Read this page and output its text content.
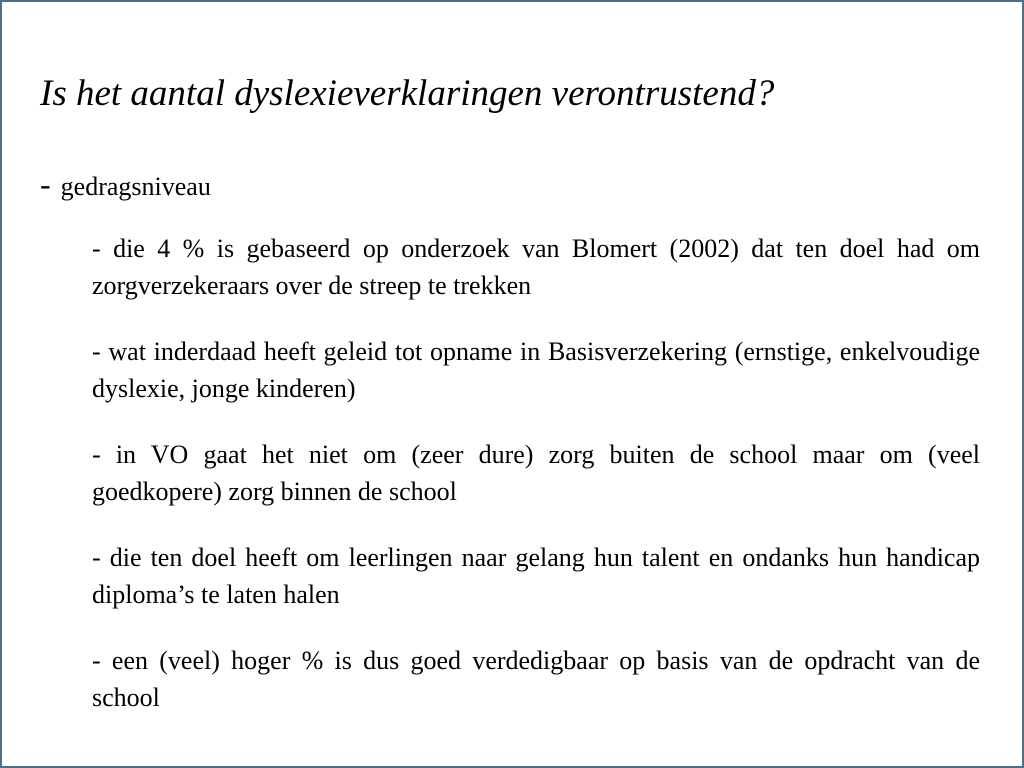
Is het aantal dyslexieverklaringen verontrustend?
- gedragsniveau
- die 4 % is gebaseerd op onderzoek van Blomert (2002) dat ten doel had om zorgverzekeraars over de streep te trekken
- wat inderdaad heeft geleid tot opname in Basisverzekering (ernstige, enkelvoudige dyslexie, jonge kinderen)
- in VO gaat het niet om (zeer dure) zorg buiten de school maar om (veel goedkopere) zorg binnen de school
- die ten doel heeft om leerlingen naar gelang hun talent en ondanks hun handicap diploma’s te laten halen
- een (veel) hoger % is dus goed verdedigbaar op basis van de opdracht van de school
